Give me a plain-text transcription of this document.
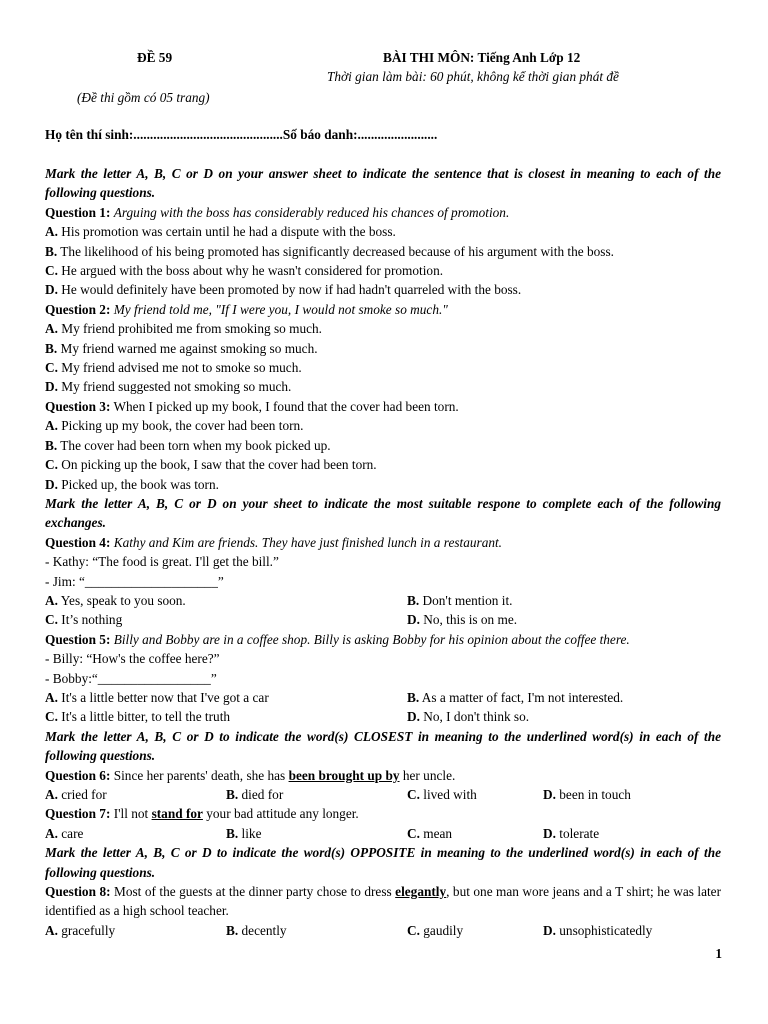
ĐỀ 59	BÀI THI MÔN: Tiếng Anh Lớp 12
Thời gian làm bài: 60 phút, không kể thời gian phát đề
(Đề thi gồm có 05 trang)
Họ tên thí sinh:.............................................Số báo danh:........................
Mark the letter A, B, C or D on your answer sheet to indicate the sentence that is closest in meaning to each of the following questions.
Question 1: Arguing with the boss has considerably reduced his chances of promotion.
A. His promotion was certain until he had a dispute with the boss.
B. The likelihood of his being promoted has significantly decreased because of his argument with the boss.
C. He argued with the boss about why he wasn't considered for promotion.
D. He would definitely have been promoted by now if had hadn't quarreled with the boss.
Question 2: My friend told me, "If I were you, I would not smoke so much."
A. My friend prohibited me from smoking so much.
B. My friend warned me against smoking so much.
C. My friend advised me not to smoke so much.
D. My friend suggested not smoking so much.
Question 3: When I picked up my book, I found that the cover had been torn.
A. Picking up my book, the cover had been torn.
B. The cover had been torn when my book picked up.
C. On picking up the book, I saw that the cover had been torn.
D. Picked up, the book was torn.
Mark the letter A, B, C or D on your sheet to indicate the most suitable respone to complete each of the following exchanges.
Question 4: Kathy and Kim are friends. They have just finished lunch in a restaurant.
- Kathy: “The food is great. I'll get the bill.”
- Jim: “____________________”
A. Yes, speak to you soon.	B. Don't mention it.
C. It’s nothing	D. No, this is on me.
Question 5: Billy and Bobby are in a coffee shop. Billy is asking Bobby for his opinion about the coffee there.
- Billy: “How's the coffee here?”
- Bobby:“_________________”
A. It's a little better now that I've got a car	B. As a matter of fact, I'm not interested.
C. It's a little bitter, to tell the truth	D. No, I don't think so.
Mark the letter A, B, C or D to indicate the word(s) CLOSEST in meaning to the underlined word(s) in each of the following questions.
Question 6: Since her parents' death, she has been brought up by her uncle.
A. cried for	B. died for	C. lived with	D. been in touch
Question 7: I'll not stand for your bad attitude any longer.
A. care	B. like	C. mean	D. tolerate
Mark the letter A, B, C or D to indicate the word(s) OPPOSITE in meaning to the underlined word(s) in each of the following questions.
Question 8: Most of the guests at the dinner party chose to dress elegantly, but one man wore jeans and a T shirt; he was later identified as a high school teacher.
A. gracefully	B. decently	C. gaudily	D. unsophisticatedly
1
